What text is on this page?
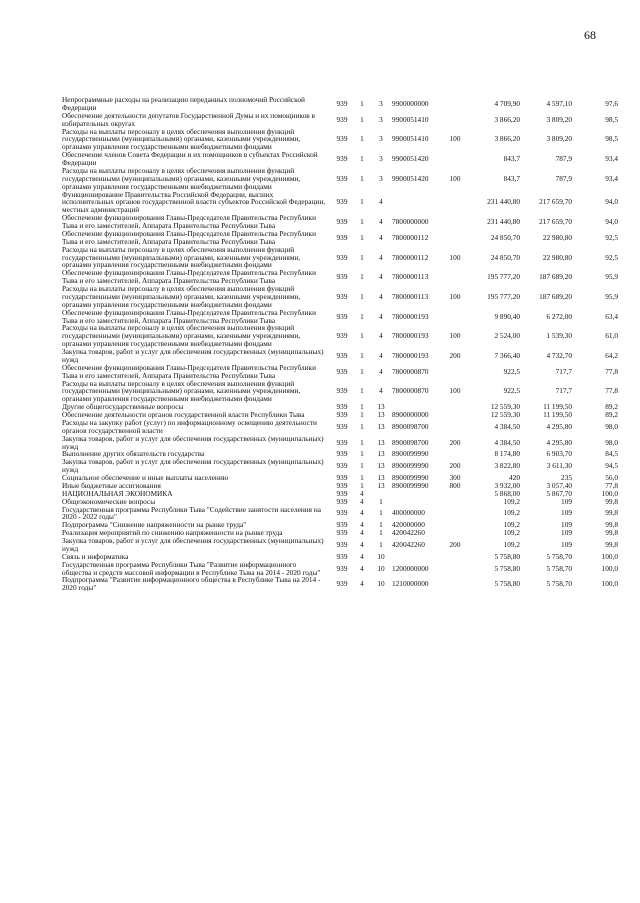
68
Непрограммные расходы на реализацию переданных полномочий Российской Федерации	939	1	3	9900000000		4 709,90	4 597,10	97,6
Обеспечение деятельности депутатов Государственной Думы и их помощников в избирательных округах	939	1	3	9900051410		3 866,20	3 809,20	98,5
Расходы на выплаты персоналу в целях обеспечения выполнения функций государственными (муниципальными) органами, казенными учреждениями, органами управления государственными внебюджетными фондами	939	1	3	9900051410	100	3 866,20	3 809,20	98,5
Обеспечение членов Совета Федерации и их помощников в субъектах Российской Федерации	939	1	3	9900051420		843,7	787,9	93,4
Расходы на выплаты персоналу в целях обеспечения выполнения функций государственными (муниципальными) органами, казенными учреждениями, органами управления государственными внебюджетными фондами	939	1	3	9900051420	100	843,7	787,9	93,4
Функционирование Правительства Российской Федерации, высших исполнительных органов государственной власти субъектов Российской Федерации, местных администраций	939	1	4			231 440,80	217 659,70	94,0
Обеспечение функционирования Главы-Председателя Правительства Республики Тыва и его заместителей, Аппарата Правительства Республики Тыва	939	1	4	7800000000		231 440,80	217 659,70	94,0
Обеспечение функционирования Главы-Председателя Правительства Республики Тыва и его заместителей, Аппарата Правительства Республики Тыва	939	1	4	7800000112		24 850,70	22 980,80	92,5
Расходы на выплаты персоналу в целях обеспечения выполнения функций государственными (муниципальными) органами, казенными учреждениями, органами управления государственными внебюджетными фондами	939	1	4	7800000112	100	24 850,70	22 980,80	92,5
Обеспечение функционирования Главы-Председателя Правительства Республики Тыва и его заместителей, Аппарата Правительства Республики Тыва	939	1	4	7800000113		195 777,20	187 689,20	95,9
Расходы на выплаты персоналу в целях обеспечения выполнения функций государственными (муниципальными) органами, казенными учреждениями, органами управления государственными внебюджетными фондами	939	1	4	7800000113	100	195 777,20	187 689,20	95,9
Обеспечение функционирования Главы-Председателя Правительства Республики Тыва и его заместителей, Аппарата Правительства Республики Тыва	939	1	4	7800000193		9 890,40	6 272,00	63,4
Расходы на выплаты персоналу в целях обеспечения выполнения функций государственными (муниципальными) органами, казенными учреждениями, органами управления государственными внебюджетными фондами	939	1	4	7800000193	100	2 524,00	1 539,30	61,0
Закупка товаров, работ и услуг для обеспечения государственных (муниципальных) нужд	939	1	4	7800000193	200	7 366,40	4 732,70	64,2
Обеспечение функционирования Главы-Председателя Правительства Республики Тыва и его заместителей, Аппарата Правительства Республики Тыва	939	1	4	7800000870		922,5	717,7	77,8
Расходы на выплаты персоналу в целях обеспечения выполнения функций государственными (муниципальными) органами, казенными учреждениями, органами управления государственными внебюджетными фондами	939	1	4	7800000870	100	922,5	717,7	77,8
Другие общегосударственные вопросы	939	1	13			12 559,30	11 199,50	89,2
Обеспечение деятельности органов государственной власти Республики Тыва	939	1	13	8900000000		12 559,30	11 199,50	89,2
Расходы на закупку работ (услуг) по информационному освещению деятельности органов государственной власти	939	1	13	8900098700		4 384,50	4 295,80	98,0
Закупка товаров, работ и услуг для обеспечения государственных (муниципальных) нужд	939	1	13	8900098700	200	4 384,50	4 295,80	98,0
Выполнение других обязательств государства	939	1	13	8900099990		8 174,80	6 903,70	84,5
Закупка товаров, работ и услуг для обеспечения государственных (муниципальных) нужд	939	1	13	8900099990	200	3 822,80	3 611,30	94,5
Социальное обеспечение и иные выплаты населению	939	1	13	8900099990	300	420	235	56,0
Иные бюджетные ассигнования	939	1	13	8900099990	800	3 932,00	3 057,40	77,8
НАЦИОНАЛЬНАЯ ЭКОНОМИКА	939	4				5 868,00	5 867,70	100,0
Общеэкономические вопросы	939	4	1			109,2	109	99,8
Государственная программа Республики Тыва "Содействие занятости населения на 2020 - 2022 годы"	939	4	1	400000000		109,2	109	99,8
Подпрограмма "Снижение напряженности на рынке труда"	939	4	1	420000000		109,2	109	99,8
Реализация мероприятий по снижению напряженности на рынке труда	939	4	1	420042260		109,2	109	99,8
Закупка товаров, работ и услуг для обеспечения государственных (муниципальных) нужд	939	4	1	420042260	200	109,2	109	99,8
Связь и информатика	939	4	10			5 758,80	5 758,70	100,0
Государственная программа Республики Тыва "Развитие информационного общества и средств массовой информации в Республике Тыва на 2014 - 2020 годы"	939	4	10	1200000000		5 758,80	5 758,70	100,0
Подпрограмма "Развитие информационного общества в Республике Тыва на 2014 - 2020 годы"	939	4	10	1210000000		5 758,80	5 758,70	100,0
